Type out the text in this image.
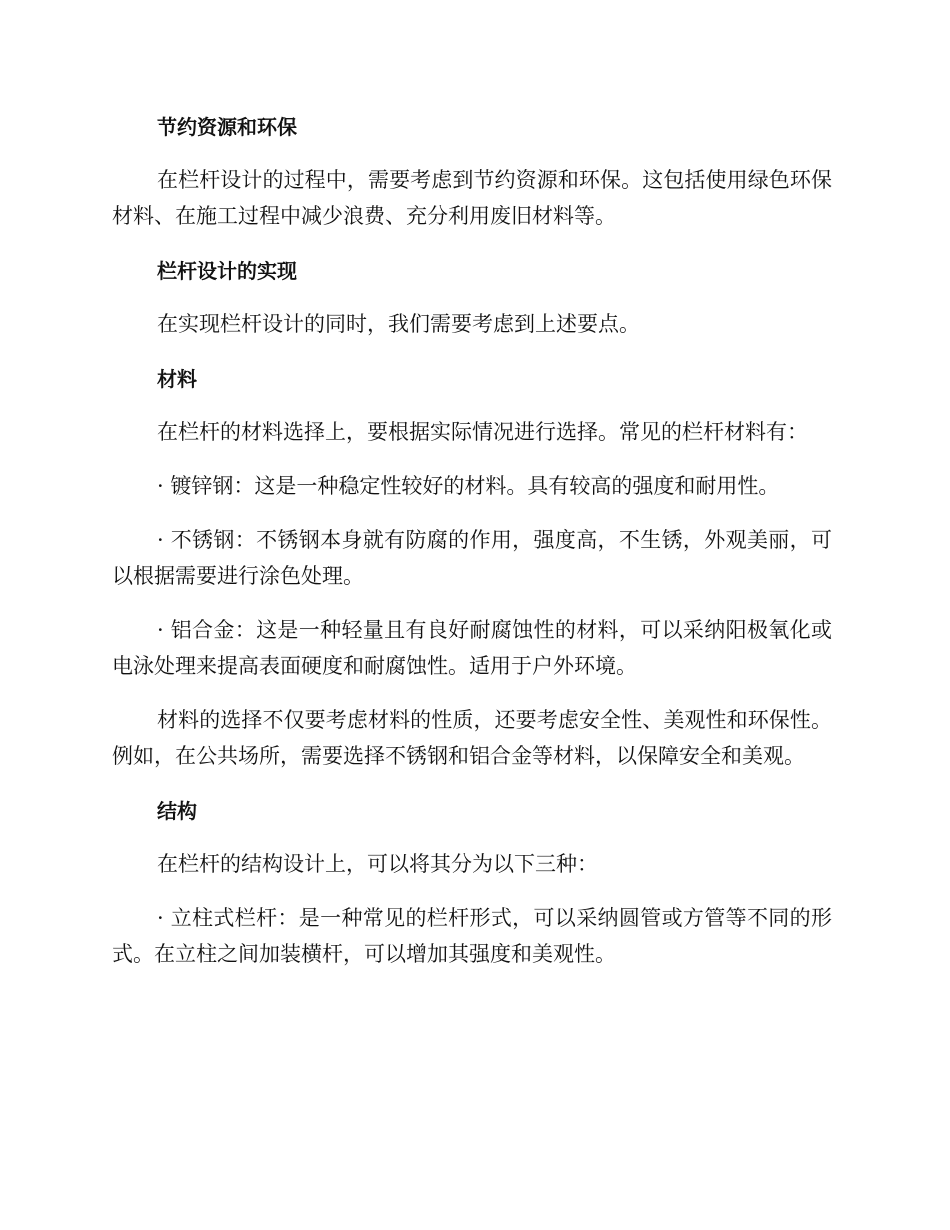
节约资源和环保

在栏杆设计的过程中，需要考虑到节约资源和环保。这包括使用绿色环保材料、在施工过程中减少浪费、充分利用废旧材料等。

栏杆设计的实现

在实现栏杆设计的同时，我们需要考虑到上述要点。

材料

在栏杆的材料选择上，要根据实际情况进行选择。常见的栏杆材料有：

· 镀锌钢：这是一种稳定性较好的材料。具有较高的强度和耐用性。

· 不锈钢：不锈钢本身就有防腐的作用，强度高，不生锈，外观美丽，可以根据需要进行涂色处理。

· 铝合金：这是一种轻量且有良好耐腐蚀性的材料，可以采纳阳极氧化或电泳处理来提高表面硬度和耐腐蚀性。适用于户外环境。

材料的选择不仅要考虑材料的性质，还要考虑安全性、美观性和环保性。例如，在公共场所，需要选择不锈钢和铝合金等材料，以保障安全和美观。

结构

在栏杆的结构设计上，可以将其分为以下三种：

· 立柱式栏杆：是一种常见的栏杆形式，可以采纳圆管或方管等不同的形式。在立柱之间加装横杆，可以增加其强度和美观性。
